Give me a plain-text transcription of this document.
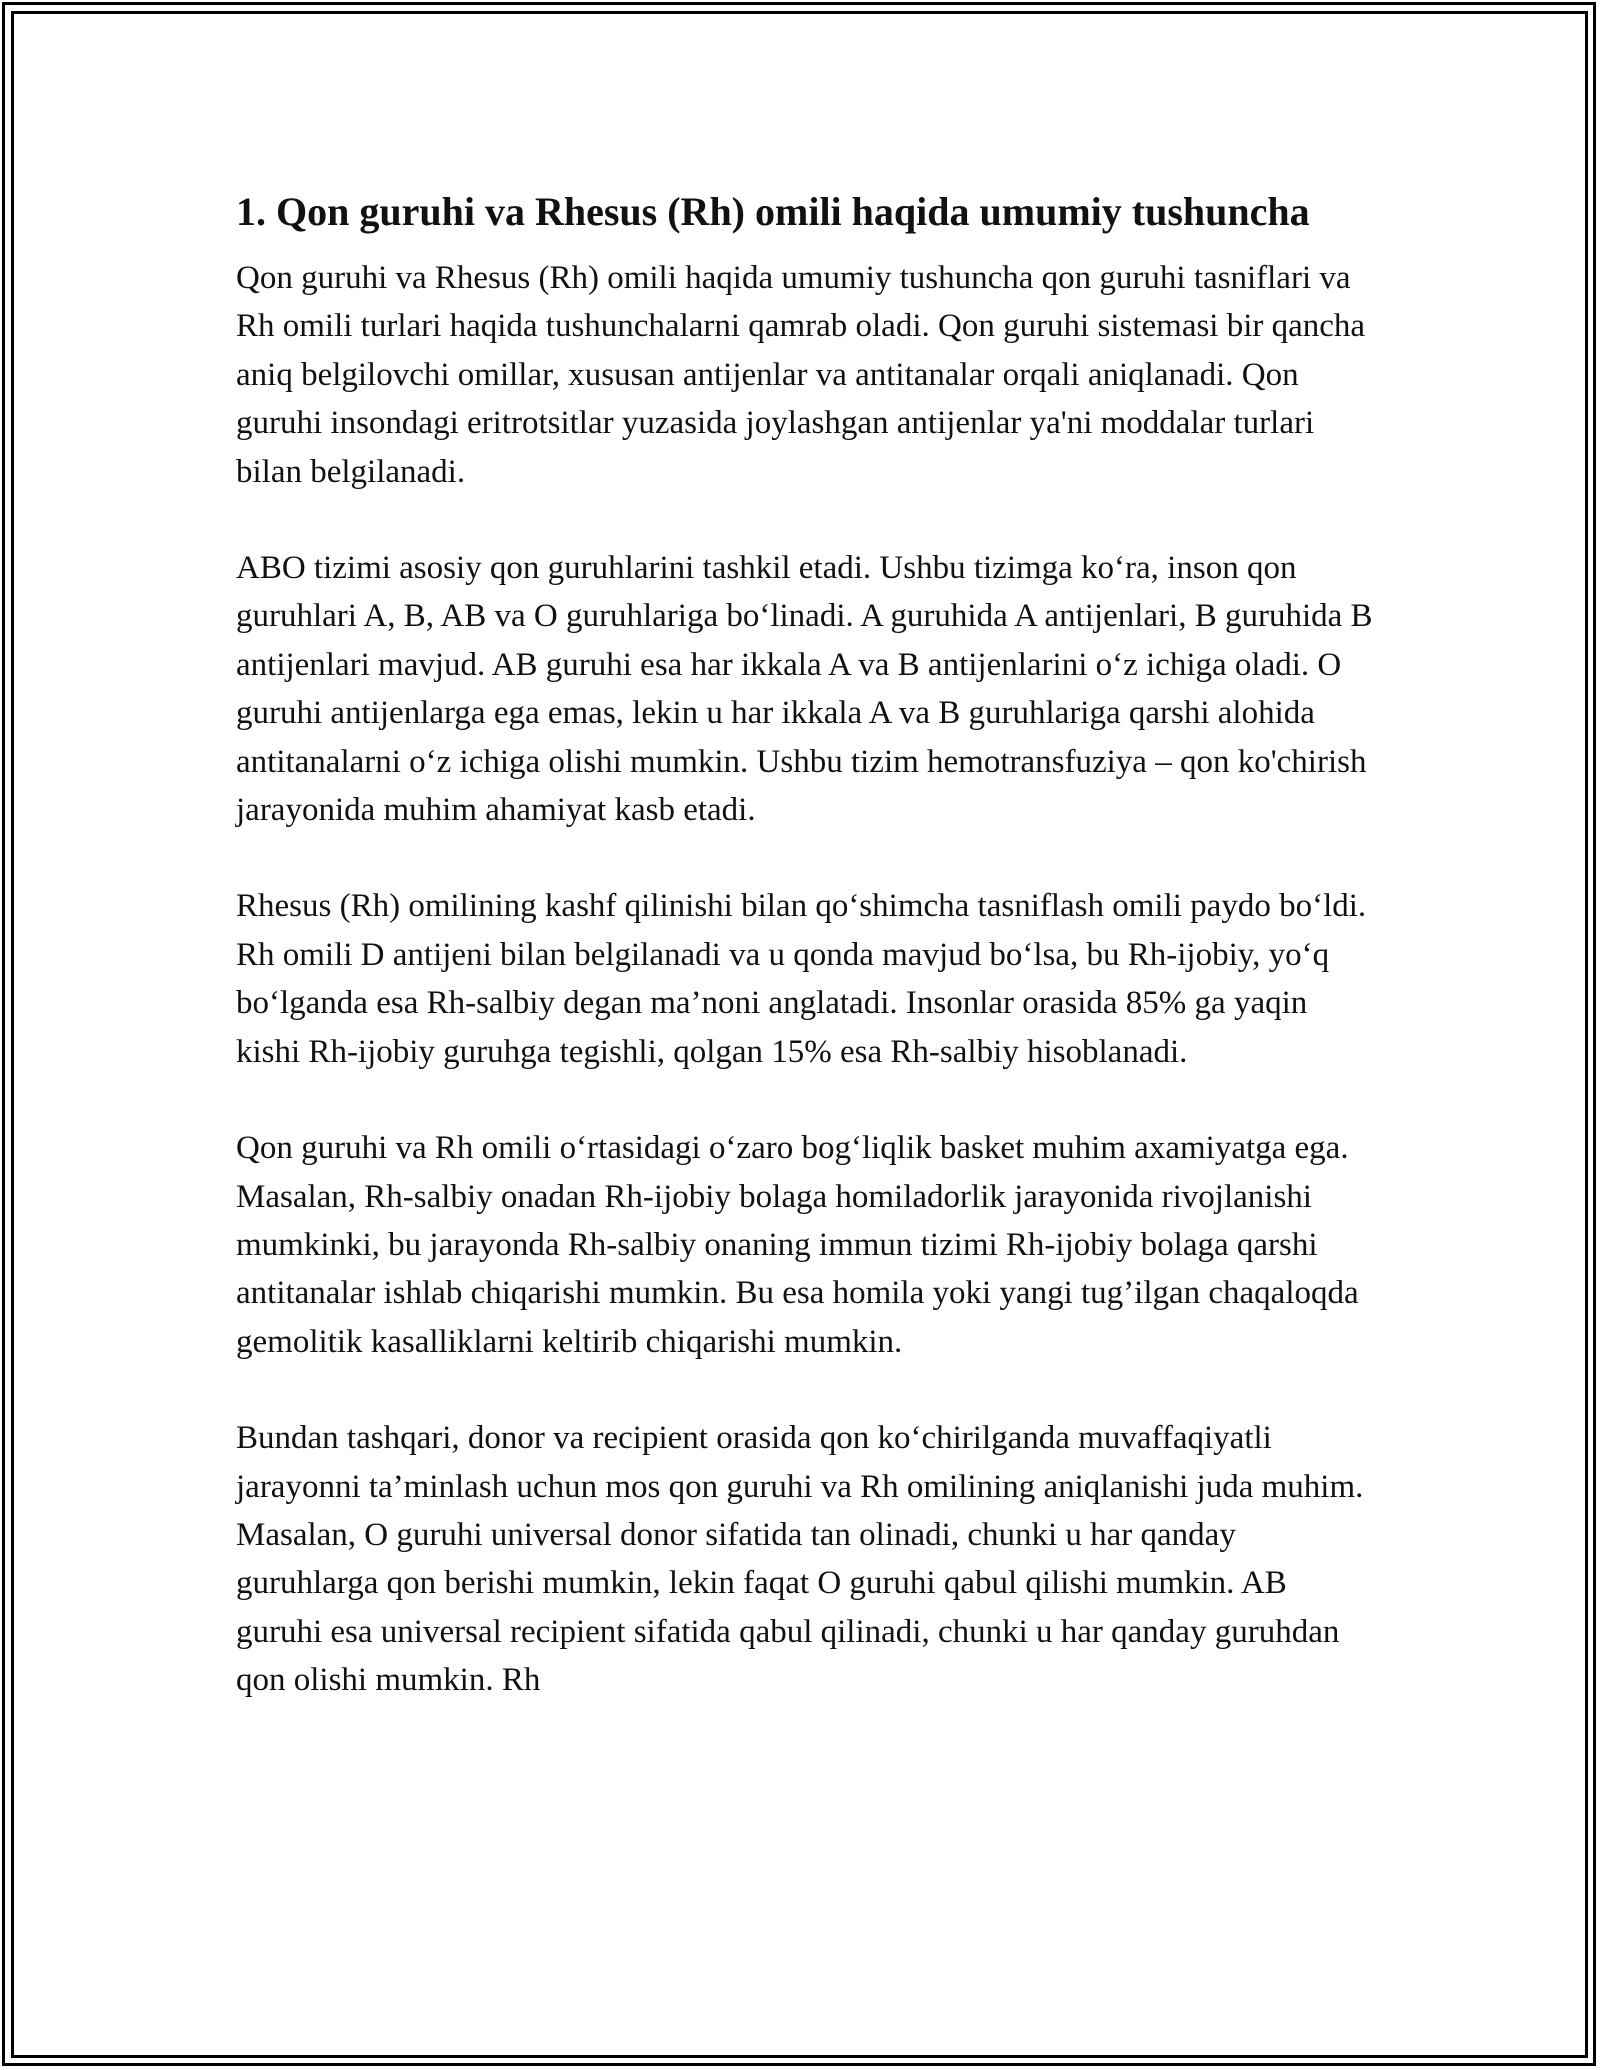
1. Qon guruhi va Rhesus (Rh) omili haqida umumiy tushuncha

Qon guruhi va Rhesus (Rh) omili haqida umumiy tushuncha qon guruhi tasniflari va Rh omili turlari haqida tushunchalarni qamrab oladi. Qon guruhi sistemasi bir qancha aniq belgilovchi omillar, xususan antijenlar va antitanalar orqali aniqlanadi. Qon guruhi insondagi eritrotsitlar yuzasida joylashgan antijenlar ya'ni moddalar turlari bilan belgilanadi.

ABO tizimi asosiy qon guruhlarini tashkil etadi. Ushbu tizimga koʻra, inson qon guruhlari A, B, AB va O guruhlariga boʻlinadi. A guruhida A antijenlari, B guruhida B antijenlari mavjud. AB guruhi esa har ikkala A va B antijenlarini oʻz ichiga oladi. O guruhi antijenlarga ega emas, lekin u har ikkala A va B guruhlariga qarshi alohida antitanalarni oʻz ichiga olishi mumkin. Ushbu tizim hemotransfuziya – qon ko'chirish jarayonida muhim ahamiyat kasb etadi.

Rhesus (Rh) omilining kashf qilinishi bilan qoʻshimcha tasniflash omili paydo boʻldi. Rh omili D antijeni bilan belgilanadi va u qonda mavjud boʻlsa, bu Rh-ijobiy, yoʻq boʻlganda esa Rh-salbiy degan ma’noni anglatadi. Insonlar orasida 85% ga yaqin kishi Rh-ijobiy guruhga tegishli, qolgan 15% esa Rh-salbiy hisoblanadi.

Qon guruhi va Rh omili oʻrtasidagi oʻzaro bogʻliqlik basket muhim axamiyatga ega. Masalan, Rh-salbiy onadan Rh-ijobiy bolaga homiladorlik jarayonida rivojlanishi mumkinki, bu jarayonda Rh-salbiy onaning immun tizimi Rh-ijobiy bolaga qarshi antitanalar ishlab chiqarishi mumkin. Bu esa homila yoki yangi tug’ilgan chaqaloqda gemolitik kasalliklarni keltirib chiqarishi mumkin.

Bundan tashqari, donor va recipient orasida qon koʻchirilganda muvaffaqiyatli jarayonni ta’minlash uchun mos qon guruhi va Rh omilining aniqlanishi juda muhim. Masalan, O guruhi universal donor sifatida tan olinadi, chunki u har qanday guruhlarga qon berishi mumkin, lekin faqat O guruhi qabul qilishi mumkin. AB guruhi esa universal recipient sifatida qabul qilinadi, chunki u har qanday guruhdan qon olishi mumkin. Rh
